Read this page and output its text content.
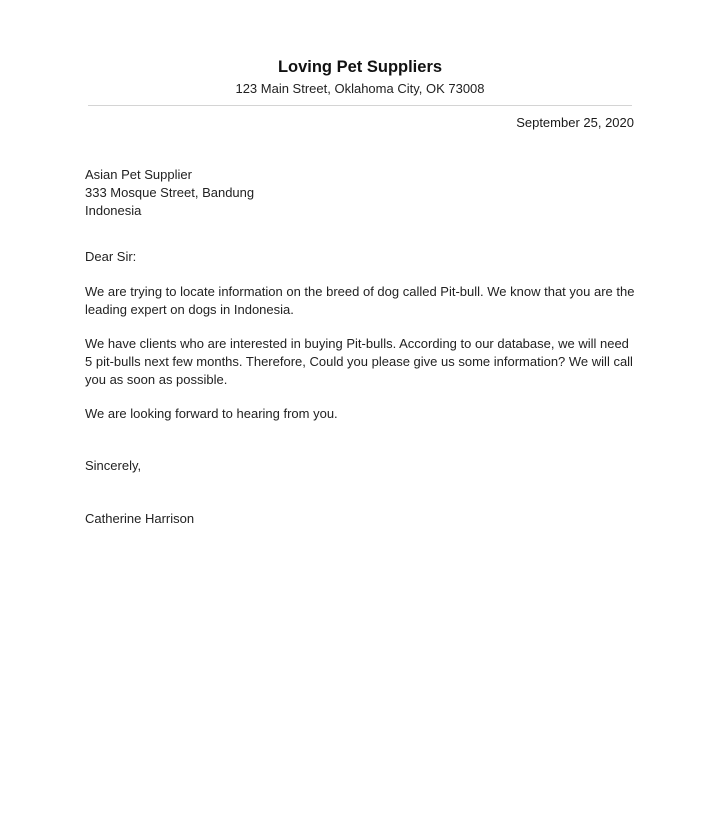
Loving Pet Suppliers
123 Main Street, Oklahoma City, OK 73008
September 25, 2020
Asian Pet Supplier
333 Mosque Street, Bandung
Indonesia
Dear Sir:
We are trying to locate information on the breed of dog called Pit-bull. We know that you are the leading expert on dogs in Indonesia.
We have clients who are interested in buying Pit-bulls. According to our database, we will need 5 pit-bulls next few months. Therefore, Could you please give us some information? We will call you as soon as possible.
We are looking forward to hearing from you.
Sincerely,
Catherine Harrison
